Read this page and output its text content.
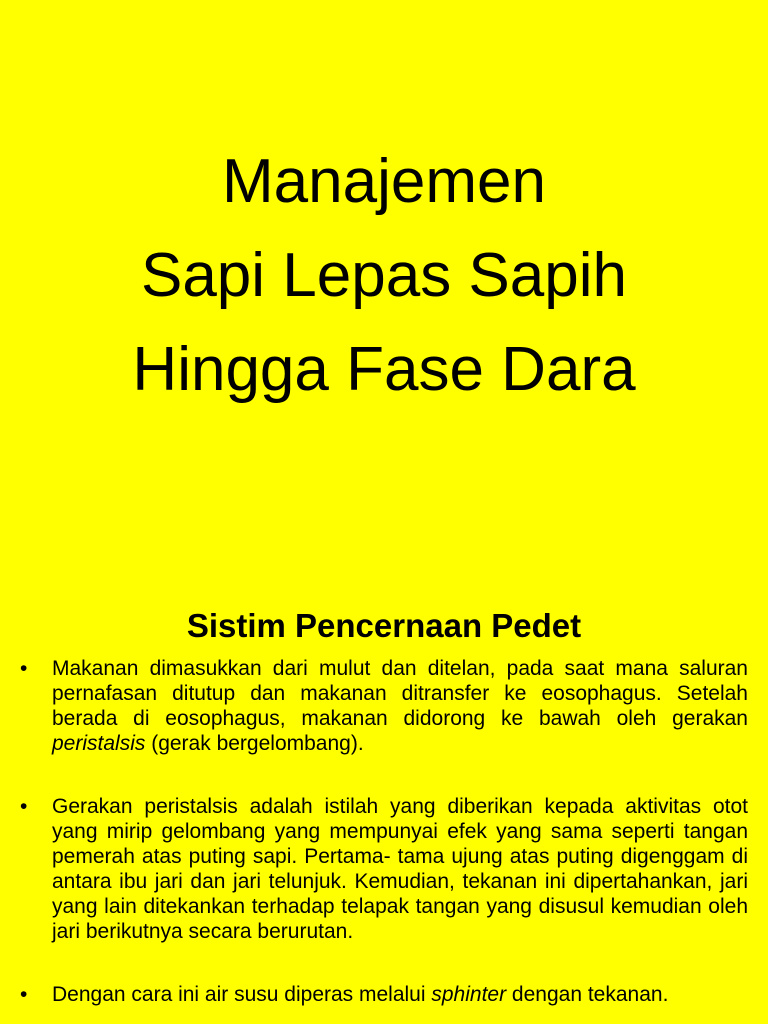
Manajemen
Sapi Lepas Sapih
Hingga Fase Dara
Sistim Pencernaan Pedet
•	Makanan dimasukkan dari mulut dan ditelan, pada saat mana saluran pernafasan ditutup dan makanan ditransfer ke eosophagus. Setelah berada di eosophagus, makanan didorong ke bawah oleh gerakan peristalsis (gerak bergelombang).
•	Gerakan peristalsis adalah istilah yang diberikan kepada aktivitas otot yang mirip gelombang yang mempunyai efek yang sama seperti tangan pemerah atas puting sapi. Pertama- tama ujung atas puting digenggam di antara ibu jari dan jari telunjuk. Kemudian, tekanan ini dipertahankan, jari yang lain ditekankan terhadap telapak tangan yang disusul kemudian oleh jari berikutnya secara berurutan.
•	Dengan cara ini air susu diperas melalui sphinter dengan tekanan.
